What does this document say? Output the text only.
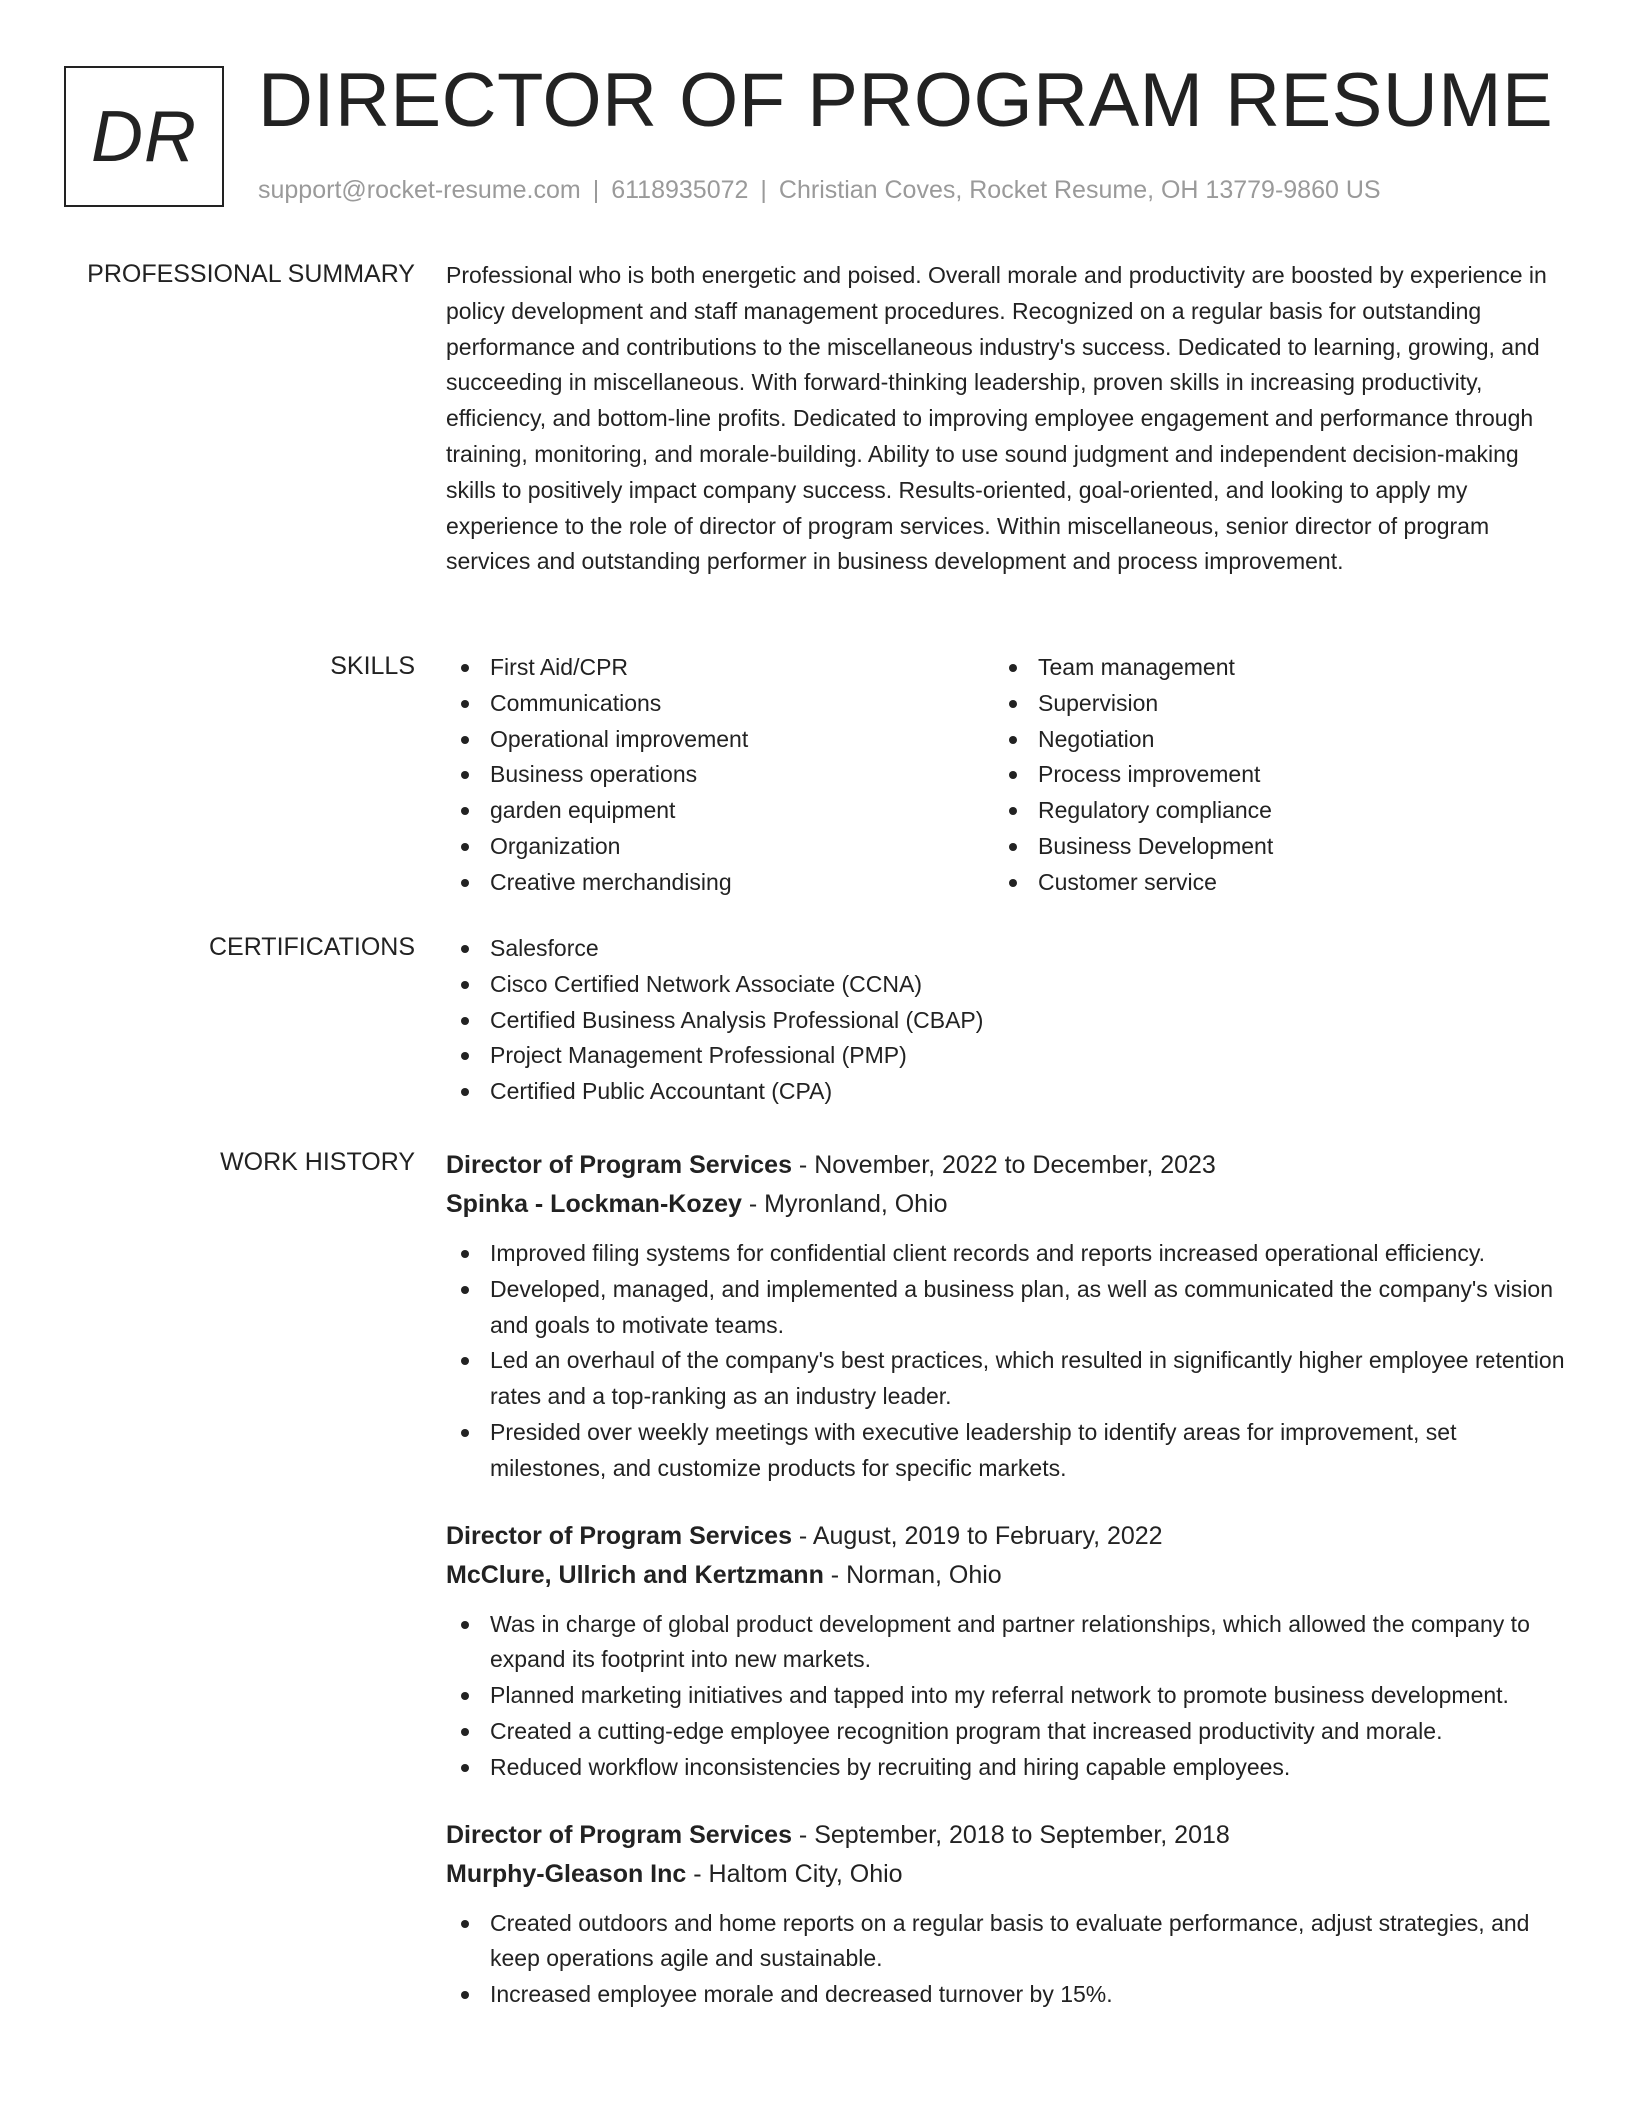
DR DIRECTOR OF PROGRAM RESUME
support@rocket-resume.com | 6118935072 | Christian Coves, Rocket Resume, OH 13779-9860 US
PROFESSIONAL SUMMARY Professional who is both energetic and poised. Overall morale and productivity are boosted by experience in policy development and staff management procedures. Recognized on a regular basis for outstanding performance and contributions to the miscellaneous industry's success. Dedicated to learning, growing, and succeeding in miscellaneous. With forward-thinking leadership, proven skills in increasing productivity, efficiency, and bottom-line profits. Dedicated to improving employee engagement and performance through training, monitoring, and morale-building. Ability to use sound judgment and independent decision-making skills to positively impact company success. Results-oriented, goal-oriented, and looking to apply my experience to the role of director of program services. Within miscellaneous, senior director of program services and outstanding performer in business development and process improvement.

SKILLS	First Aid/CPR
Communications
Operational improvement
Business operations
garden equipment
Organization
Creative merchandising
Team management
Supervision
Negotiation
Process improvement
Regulatory compliance
Business Development
Customer service
CERTIFICATIONS	Salesforce
Cisco Certified Network Associate (CCNA)
Certified Business Analysis Professional (CBAP)
Project Management Professional (PMP)
Certified Public Accountant (CPA)
WORK HISTORY Director of Program Services - November, 2022 to December, 2023
Spinka - Lockman-Kozey - Myronland, Ohio
Improved filing systems for confidential client records and reports increased operational efficiency.
Developed, managed, and implemented a business plan, as well as communicated the company's vision and goals to motivate teams.
Led an overhaul of the company's best practices, which resulted in significantly higher employee retention rates and a top-ranking as an industry leader.
Presided over weekly meetings with executive leadership to identify areas for improvement, set milestones, and customize products for specific markets.
Director of Program Services - August, 2019 to February, 2022
McClure, Ullrich and Kertzmann - Norman, Ohio
Was in charge of global product development and partner relationships, which allowed the company to expand its footprint into new markets.
Planned marketing initiatives and tapped into my referral network to promote business development.
Created a cutting-edge employee recognition program that increased productivity and morale.
Reduced workflow inconsistencies by recruiting and hiring capable employees.
Director of Program Services - September, 2018 to September, 2018
Murphy-Gleason Inc - Haltom City, Ohio
Created outdoors and home reports on a regular basis to evaluate performance, adjust strategies, and keep operations agile and sustainable.
Increased employee morale and decreased turnover by 15%.
